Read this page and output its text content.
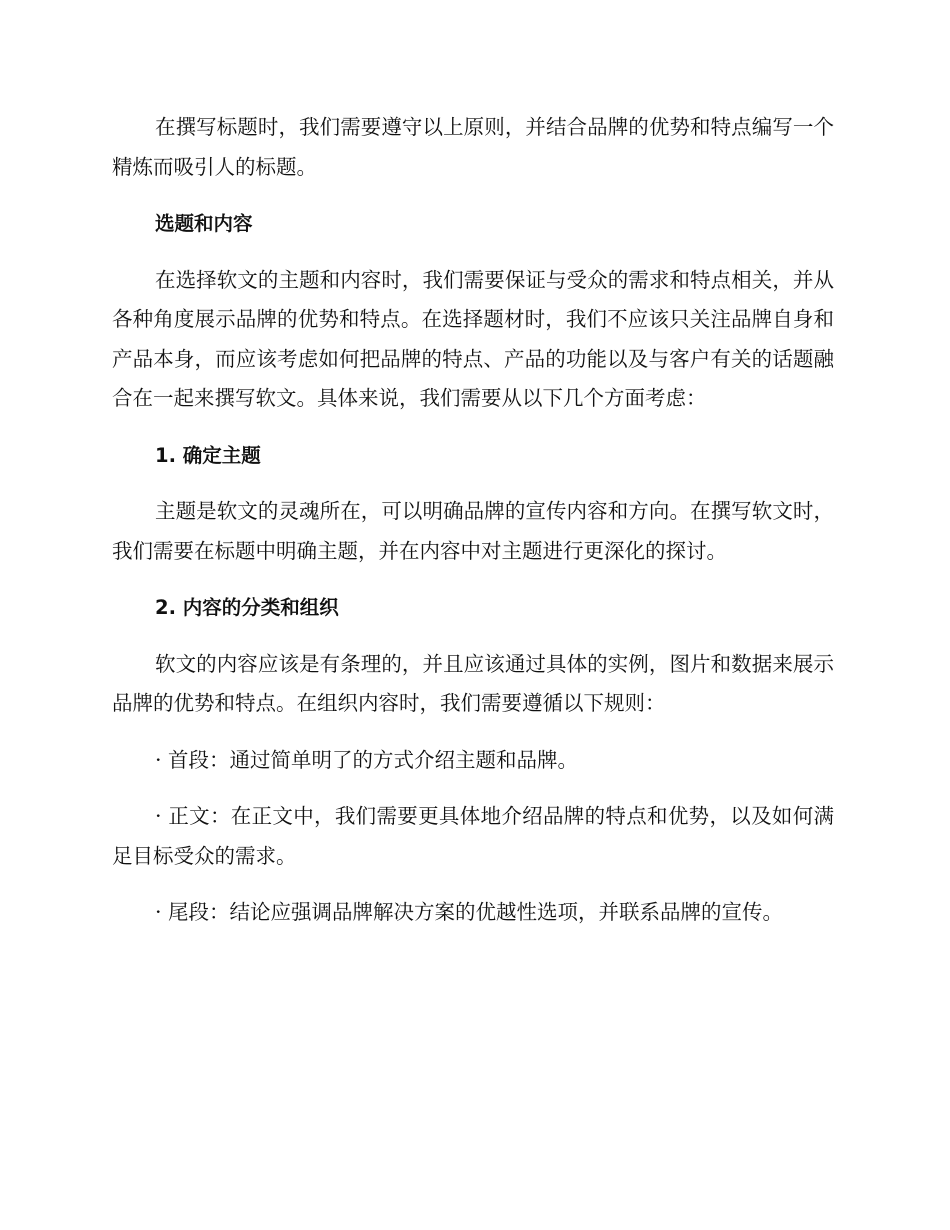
在撰写标题时，我们需要遵守以上原则，并结合品牌的优势和特点编写一个精炼而吸引人的标题。

选题和内容

在选择软文的主题和内容时，我们需要保证与受众的需求和特点相关，并从各种角度展示品牌的优势和特点。在选择题材时，我们不应该只关注品牌自身和产品本身，而应该考虑如何把品牌的特点、产品的功能以及与客户有关的话题融合在一起来撰写软文。具体来说，我们需要从以下几个方面考虑：

1. 确定主题

主题是软文的灵魂所在，可以明确品牌的宣传内容和方向。在撰写软文时，我们需要在标题中明确主题，并在内容中对主题进行更深化的探讨。

2. 内容的分类和组织

软文的内容应该是有条理的，并且应该通过具体的实例，图片和数据来展示品牌的优势和特点。在组织内容时，我们需要遵循以下规则：

· 首段：通过简单明了的方式介绍主题和品牌。

· 正文：在正文中，我们需要更具体地介绍品牌的特点和优势，以及如何满足目标受众的需求。

· 尾段：结论应强调品牌解决方案的优越性选项，并联系品牌的宣传。
